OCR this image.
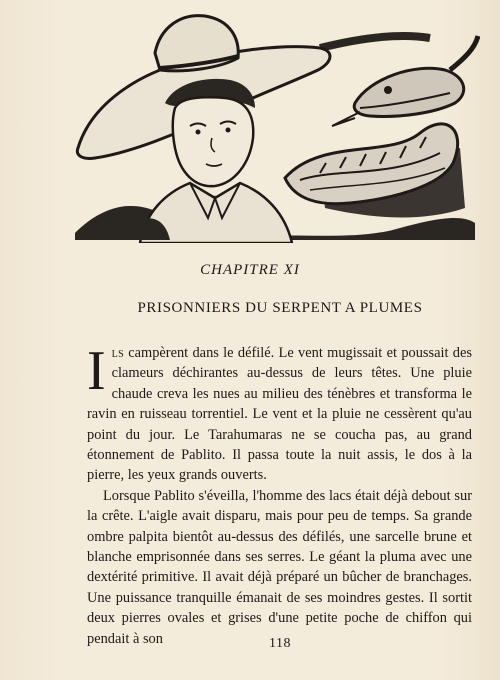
CHAPITRE XI
PRISONNIERS DU SERPENT A PLUMES

Ils campèrent dans le défilé. Le vent mugissait et poussait des clameurs déchirantes au-dessus de leurs têtes. Une pluie chaude creva les nues au milieu des ténèbres et transforma le ravin en ruisseau torrentiel. Le vent et la pluie ne cessèrent qu'au point du jour. Le Tarahumaras ne se coucha pas, au grand étonnement de Pablito. Il passa toute la nuit assis, le dos à la pierre, les yeux grands ouverts.

Lorsque Pablito s'éveilla, l'homme des lacs était déjà debout sur la crête. L'aigle avait disparu, mais pour peu de temps. Sa grande ombre palpita bientôt au-dessus des défilés, une sarcelle brune et blanche emprisonnée dans ses serres. Le géant la pluma avec une dextérité primitive. Il avait déjà préparé un bûcher de branchages. Une puissance tranquille émanait de ses moindres gestes. Il sortit deux pierres ovales et grises d'une petite poche de chiffon qui pendait à son	118
